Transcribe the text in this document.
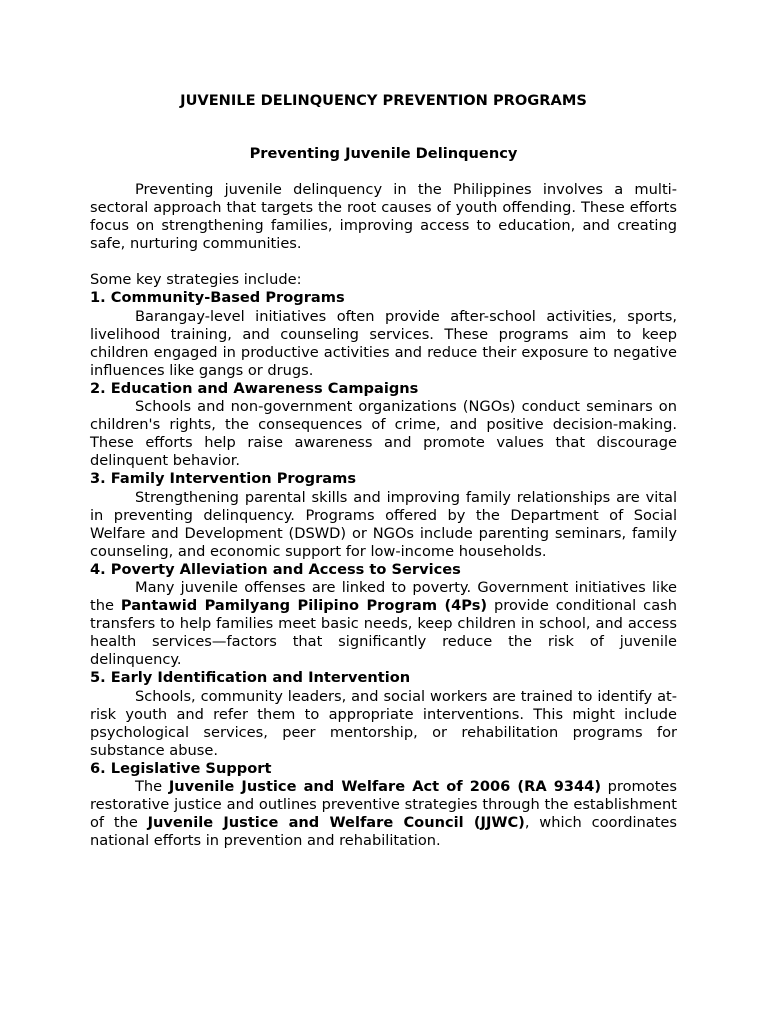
JUVENILE DELINQUENCY PREVENTION PROGRAMS

Preventing Juvenile Delinquency

Preventing juvenile delinquency in the Philippines involves a multi-sectoral approach that targets the root causes of youth offending. These efforts focus on strengthening families, improving access to education, and creating safe, nurturing communities.

Some key strategies include:

1. Community-Based Programs

Barangay-level initiatives often provide after-school activities, sports, livelihood training, and counseling services. These programs aim to keep children engaged in productive activities and reduce their exposure to negative influences like gangs or drugs.

2. Education and Awareness Campaigns

Schools and non-government organizations (NGOs) conduct seminars on children's rights, the consequences of crime, and positive decision-making. These efforts help raise awareness and promote values that discourage delinquent behavior.

3. Family Intervention Programs

Strengthening parental skills and improving family relationships are vital in preventing delinquency. Programs offered by the Department of Social Welfare and Development (DSWD) or NGOs include parenting seminars, family counseling, and economic support for low-income households.

4. Poverty Alleviation and Access to Services

Many juvenile offenses are linked to poverty. Government initiatives like the Pantawid Pamilyang Pilipino Program (4Ps) provide conditional cash transfers to help families meet basic needs, keep children in school, and access health services—factors that significantly reduce the risk of juvenile delinquency.

5. Early Identification and Intervention

Schools, community leaders, and social workers are trained to identify at-risk youth and refer them to appropriate interventions. This might include psychological services, peer mentorship, or rehabilitation programs for substance abuse.

6. Legislative Support

The Juvenile Justice and Welfare Act of 2006 (RA 9344) promotes restorative justice and outlines preventive strategies through the establishment of the Juvenile Justice and Welfare Council (JJWC), which coordinates national efforts in prevention and rehabilitation.
